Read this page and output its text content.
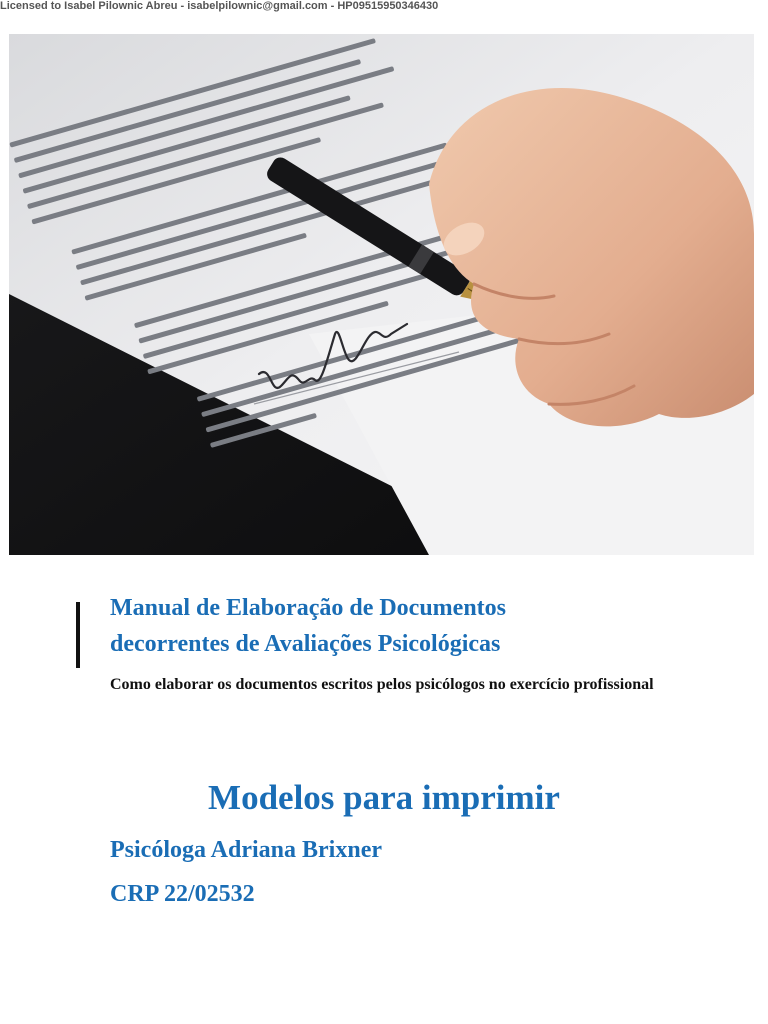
Licensed to Isabel Pilownic Abreu - isabelpilownic@gmail.com - HP09515950346430
Manual de Elaboração de Documentos
decorrentes de Avaliações Psicológicas

Como elaborar os documentos escritos pelos psicólogos no exercício profissional

Modelos para imprimir

Psicóloga Adriana Brixner

CRP 22/02532
